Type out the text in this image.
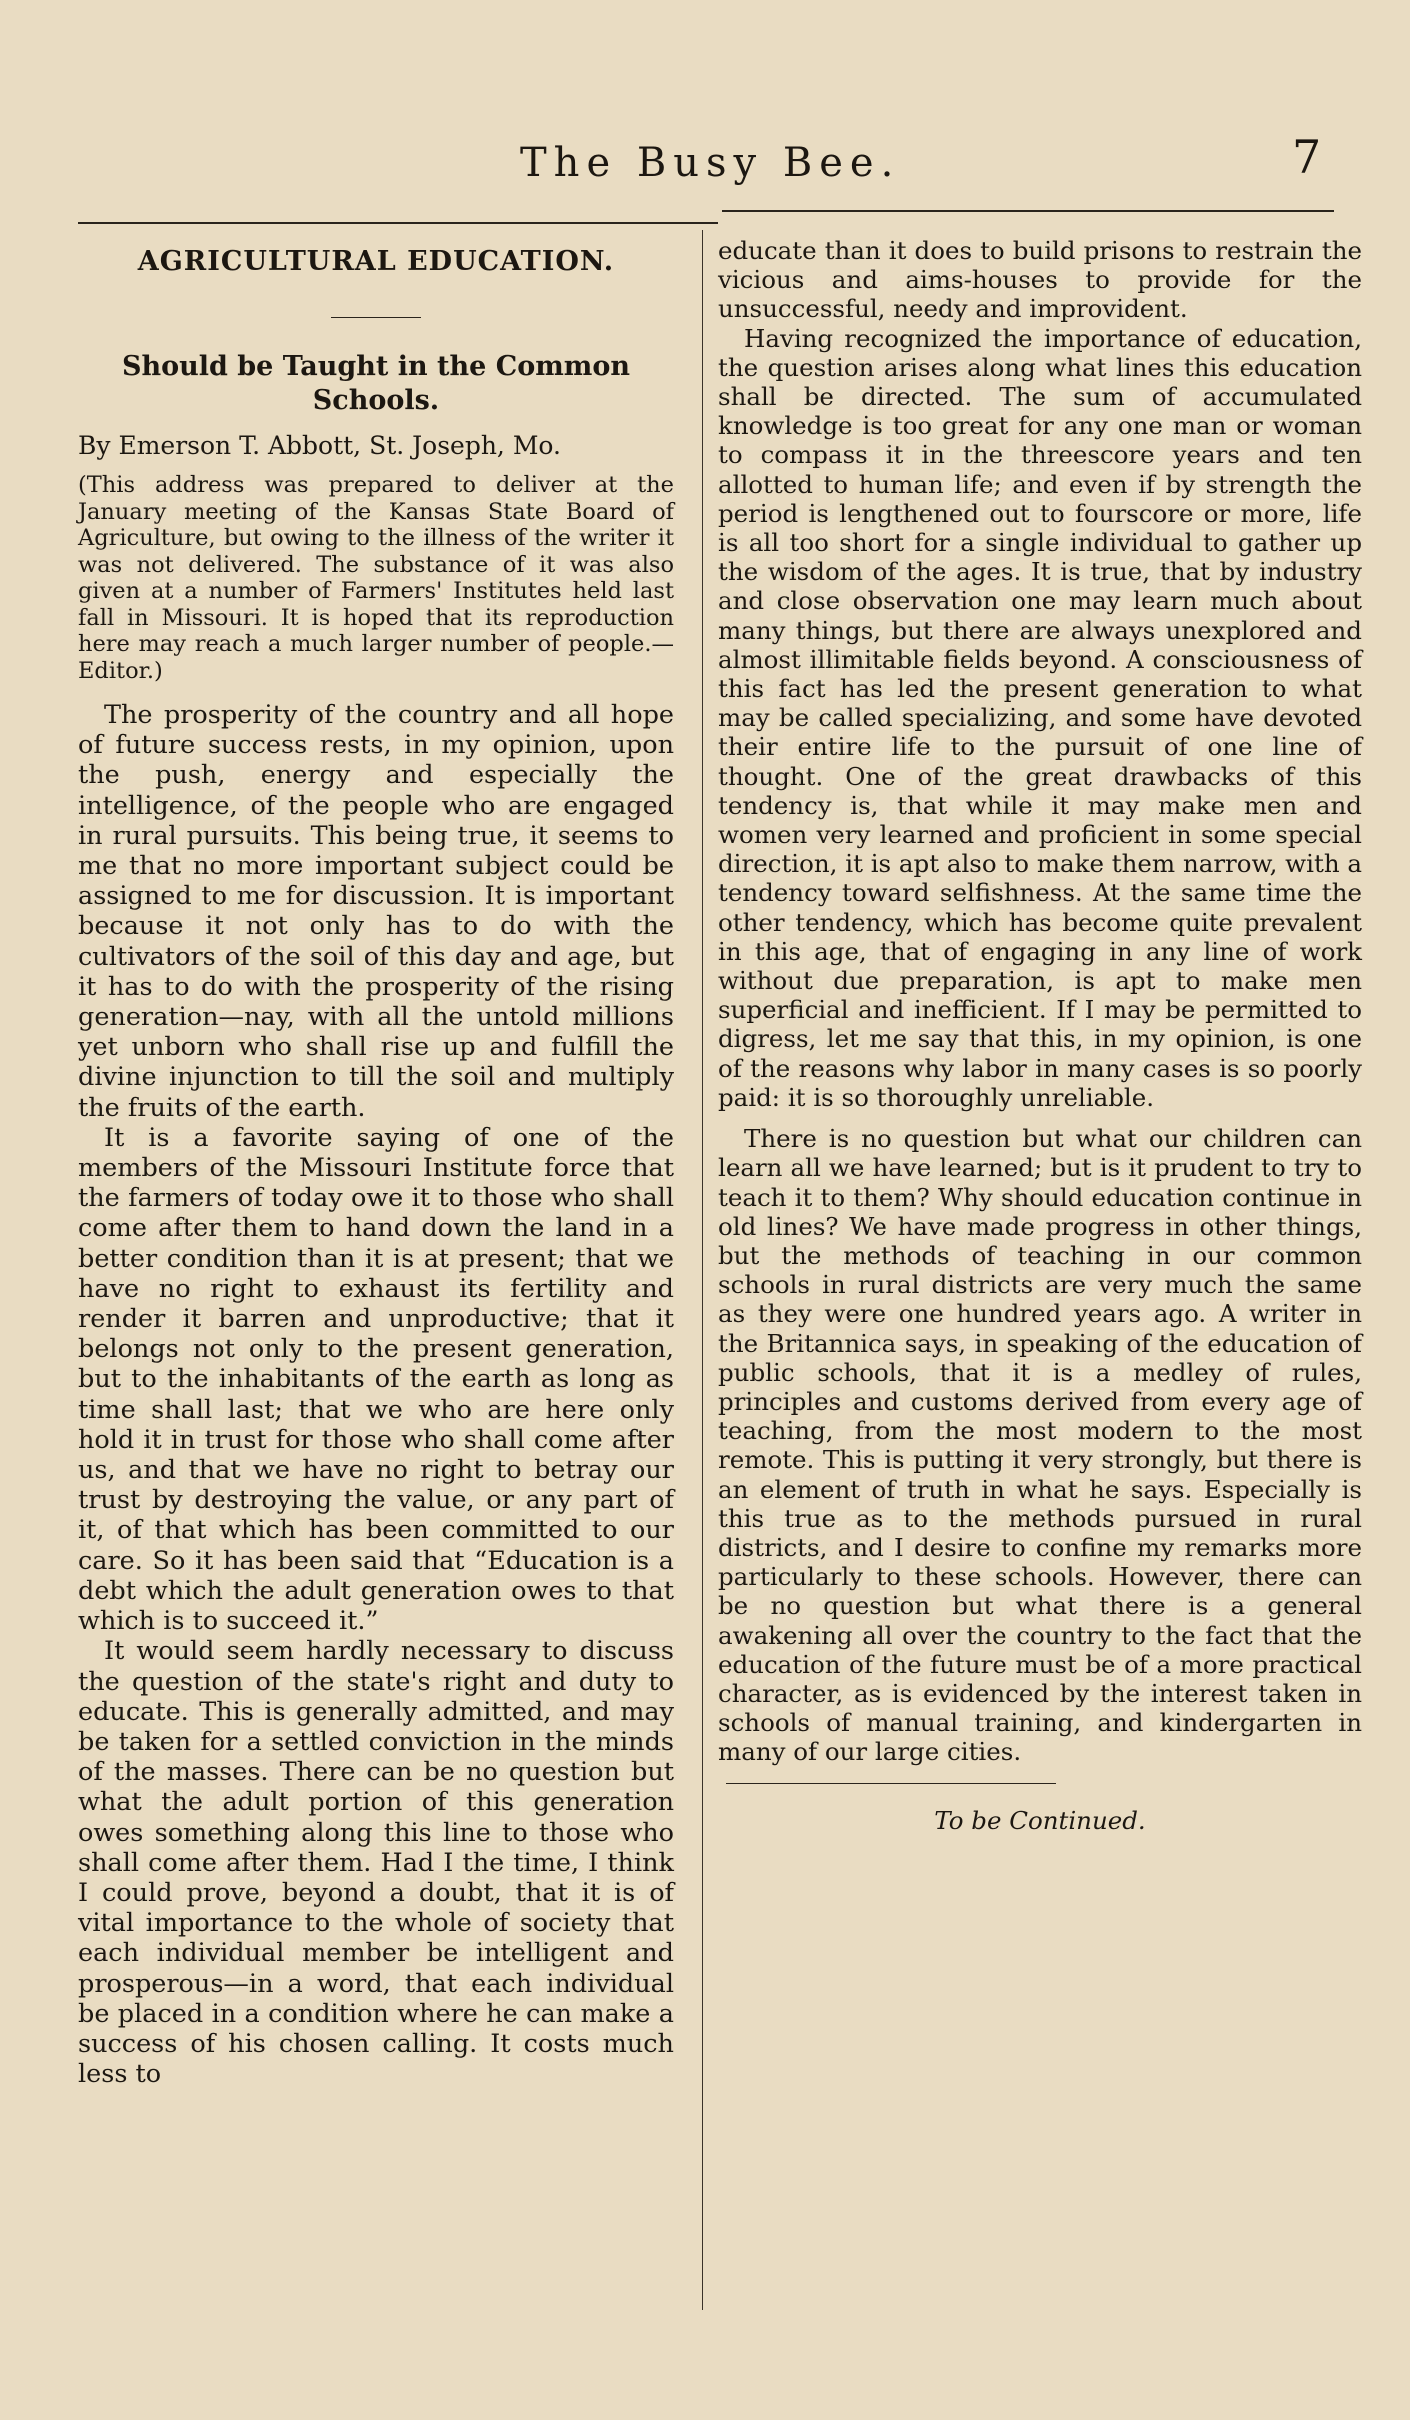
The Busy Bee.	7
AGRICULTURAL EDUCATION.
Should be Taught in the Common Schools.
By Emerson T. Abbott, St. Joseph, Mo.
(This address was prepared to deliver at the January meeting of the Kansas State Board of Agriculture, but owing to the illness of the writer it was not delivered. The substance of it was also given at a number of Farmers' Institutes held last fall in Missouri. It is hoped that its reproduction here may reach a much larger number of people.—Editor.)

The prosperity of the country and all hope of future success rests, in my opinion, upon the push, energy and especially the intelligence, of the people who are engaged in rural pursuits. This being true, it seems to me that no more important subject could be assigned to me for discussion. It is important because it not only has to do with the cultivators of the soil of this day and age, but it has to do with the prosperity of the rising generation—nay, with all the untold millions yet unborn who shall rise up and fulfill the divine injunction to till the soil and multiply the fruits of the earth.

It is a favorite saying of one of the members of the Missouri Institute force that the farmers of today owe it to those who shall come after them to hand down the land in a better condition than it is at present; that we have no right to exhaust its fertility and render it barren and unproductive; that it belongs not only to the present generation, but to the inhabitants of the earth as long as time shall last; that we who are here only hold it in trust for those who shall come after us, and that we have no right to betray our trust by destroying the value, or any part of it, of that which has been committed to our care. So it has been said that “Education is a debt which the adult generation owes to that which is to succeed it.”

It would seem hardly necessary to discuss the question of the state's right and duty to educate. This is generally admitted, and may be taken for a settled conviction in the minds of the masses. There can be no question but what the adult portion of this generation owes something along this line to those who shall come after them. Had I the time, I think I could prove, beyond a doubt, that it is of vital importance to the whole of society that each individual member be intelligent and prosperous—in a word, that each individual be placed in a condition where he can make a success of his chosen calling. It costs much less to

educate than it does to build prisons to restrain the vicious and aims-houses to provide for the unsuccessful, needy and improvident.

Having recognized the importance of education, the question arises along what lines this education shall be directed. The sum of accumulated knowledge is too great for any one man or woman to compass it in the threescore years and ten allotted to human life; and even if by strength the period is lengthened out to fourscore or more, life is all too short for a single individual to gather up the wisdom of the ages. It is true, that by industry and close observation one may learn much about many things, but there are always unexplored and almost illimitable fields beyond. A consciousness of this fact has led the present generation to what may be called specializing, and some have devoted their entire life to the pursuit of one line of thought. One of the great drawbacks of this tendency is, that while it may make men and women very learned and proficient in some special direction, it is apt also to make them narrow, with a tendency toward selfishness. At the same time the other tendency, which has become quite prevalent in this age, that of engaging in any line of work without due preparation, is apt to make men superficial and inefficient. If I may be permitted to digress, let me say that this, in my opinion, is one of the reasons why labor in many cases is so poorly paid: it is so thoroughly unreliable.

There is no question but what our children can learn all we have learned; but is it prudent to try to teach it to them? Why should education continue in old lines? We have made progress in other things, but the methods of teaching in our common schools in rural districts are very much the same as they were one hundred years ago. A writer in the Britannica says, in speaking of the education of public schools, that it is a medley of rules, principles and customs derived from every age of teaching, from the most modern to the most remote. This is putting it very strongly, but there is an element of truth in what he says. Especially is this true as to the methods pursued in rural districts, and I desire to confine my remarks more particularly to these schools. However, there can be no question but what there is a general awakening all over the country to the fact that the education of the future must be of a more practical character, as is evidenced by the interest taken in schools of manual training, and kindergarten in many of our large cities.

To be Continued.
